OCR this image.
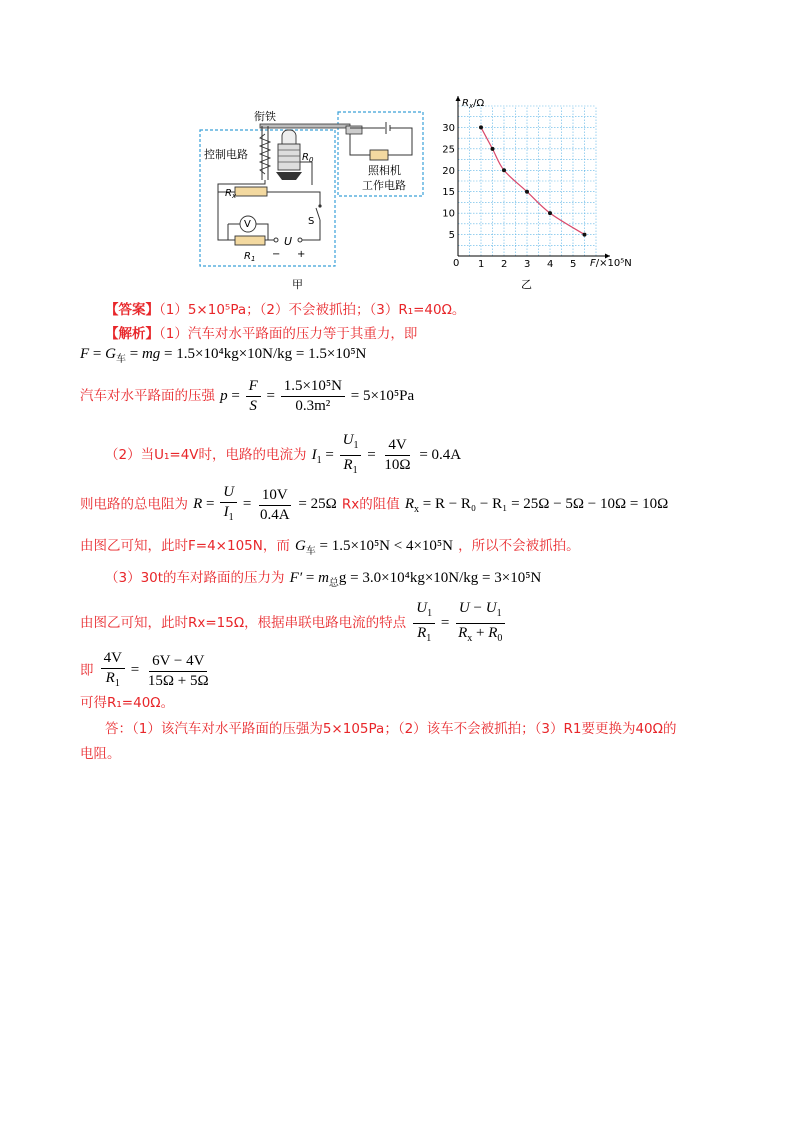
衔铁
控制电路
照相机
工作电路
$R_0$
$R_x$
V
$R_1$
U
− +
S
甲
1 2 3 4 5
5
10
15
20
25
30
$R_x/\Omega$
F/×10⁵N
0
乙
【答案】（1）5×10⁵Pa；（2）不会被抓拍；（3）R₁=40Ω。
【解析】（1）汽车对水平路面的压力等于其重力，即
$F = G_车$ = mg = 1.5×10⁴kg×10N/kg = 1.5×10⁵N
汽车对水平路面的压强 $p = \frac{F}{S} = \frac{\text{1.5×10⁵N}}{\text{0.3m²}} = 5\times 10^5Pa$
（2）当U₁=4V时，电路的电流为 $I_1 = \frac{U_1}{R_1} = \frac{4V}{10\Omega} = 0.4A$
则电路的总电阻为 $R = \frac{U}{I_1} = \frac{10V}{0.4A} = 25\Omega$ Rx的阻值 $R_x = R - R_0 - R_1 = 25\Omega - 5\Omega - 10\Omega = 10\Omega$
由图乙可知，此时F=4×105N，而 $G_车 = 1.5\times 10^5N < 4\times 10^5N$ ，所以不会被抓拍。
（3）30t的车对路面的压力为 $F' = m_总g = 3.0\times 10^4kg\times 10N/kg = 3\times 10^5N$
由图乙可知，此时Rx=15Ω，根据串联电路电流的特点 $\frac{U_1}{R_1} = \frac{U - U_1}{R_x + R_0}$
即 $\frac{4V}{R_1} = \frac{6V - 4V}{15\Omega + 5\Omega}$
可得R₁=40Ω。
答：（1）该汽车对水平路面的压强为5×105Pa；（2）该车不会被抓拍；（3）R1要更换为40Ω的
电阻。
